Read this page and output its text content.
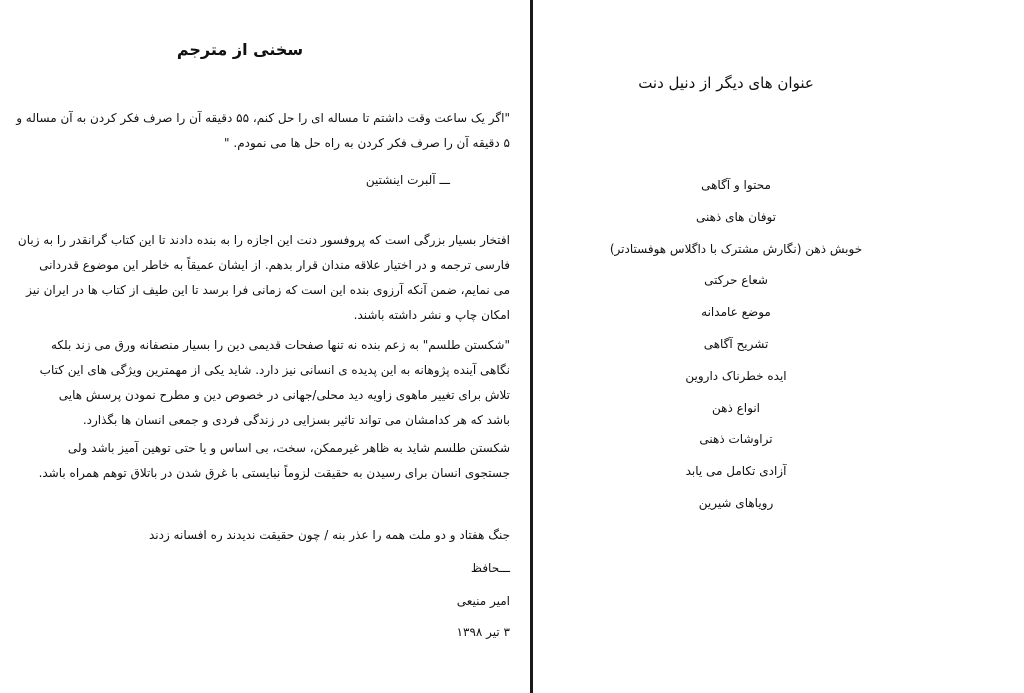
سخنی از مترجم
"اگر یک ساعت وقت داشتم تا مساله ای را حل کنم، ۵۵ دقیقه آن را صرف فکر کردن به آن مساله و
۵ دقیقه آن را صرف فکر کردن به راه حل ها می نمودم. "
ـــ آلبرت اینشتین
افتخار بسیار بزرگی است که پروفسور دنت این اجازه را به بنده دادند تا این کتاب گرانقدر را به زبان
فارسی ترجمه و در اختیار علاقه مندان قرار بدهم. از ایشان عمیقاً به خاطر این موضوع قدردانی
می نمایم، ضمن آنکه آرزوی بنده این است که زمانی فرا برسد تا این طیف از کتاب ها در ایران نیز
امکان چاپ و نشر داشته باشند.
"شکستن طلسم" به زعم بنده نه تنها صفحات قدیمی دین را بسیار منصفانه ورق می زند بلکه
نگاهی آینده پژوهانه به این پدیده ی انسانی نیز دارد. شاید یکی از مهمترین ویژگی های این کتاب
تلاش برای تغییر ماهوی زاویه دید محلی/جهانی در خصوص دین و مطرح نمودن پرسش هایی
باشد که هر کدامشان می تواند تاثیر بسزایی در زندگی فردی و جمعی انسان ها بگذارد.
شکستن طلسم شاید به ظاهر غیرممکن، سخت، بی اساس و یا حتی توهین آمیز باشد ولی
جستجوی انسان برای رسیدن به حقیقت لزوماً نبایستی با غرق شدن در باتلاق توهم همراه باشد.
جنگ هفتاد و دو ملت همه را عذر بنه / چون حقیقت ندیدند ره افسانه زدند
ـــحافظ
امیر منیعی
۳ تیر ۱۳۹۸
عنوان های دیگر از دنیل دنت
محتوا و آگاهی
توفان های ذهنی
خوبش ذهن (نگارش مشترک با داگلاس هوفستادتر)
شعاع حرکتی
موضع عامدانه
تشریح آگاهی
ایده خطرناک داروین
انواع ذهن
تراوشات ذهنی
آزادی تکامل می یابد
رویاهای شیرین
